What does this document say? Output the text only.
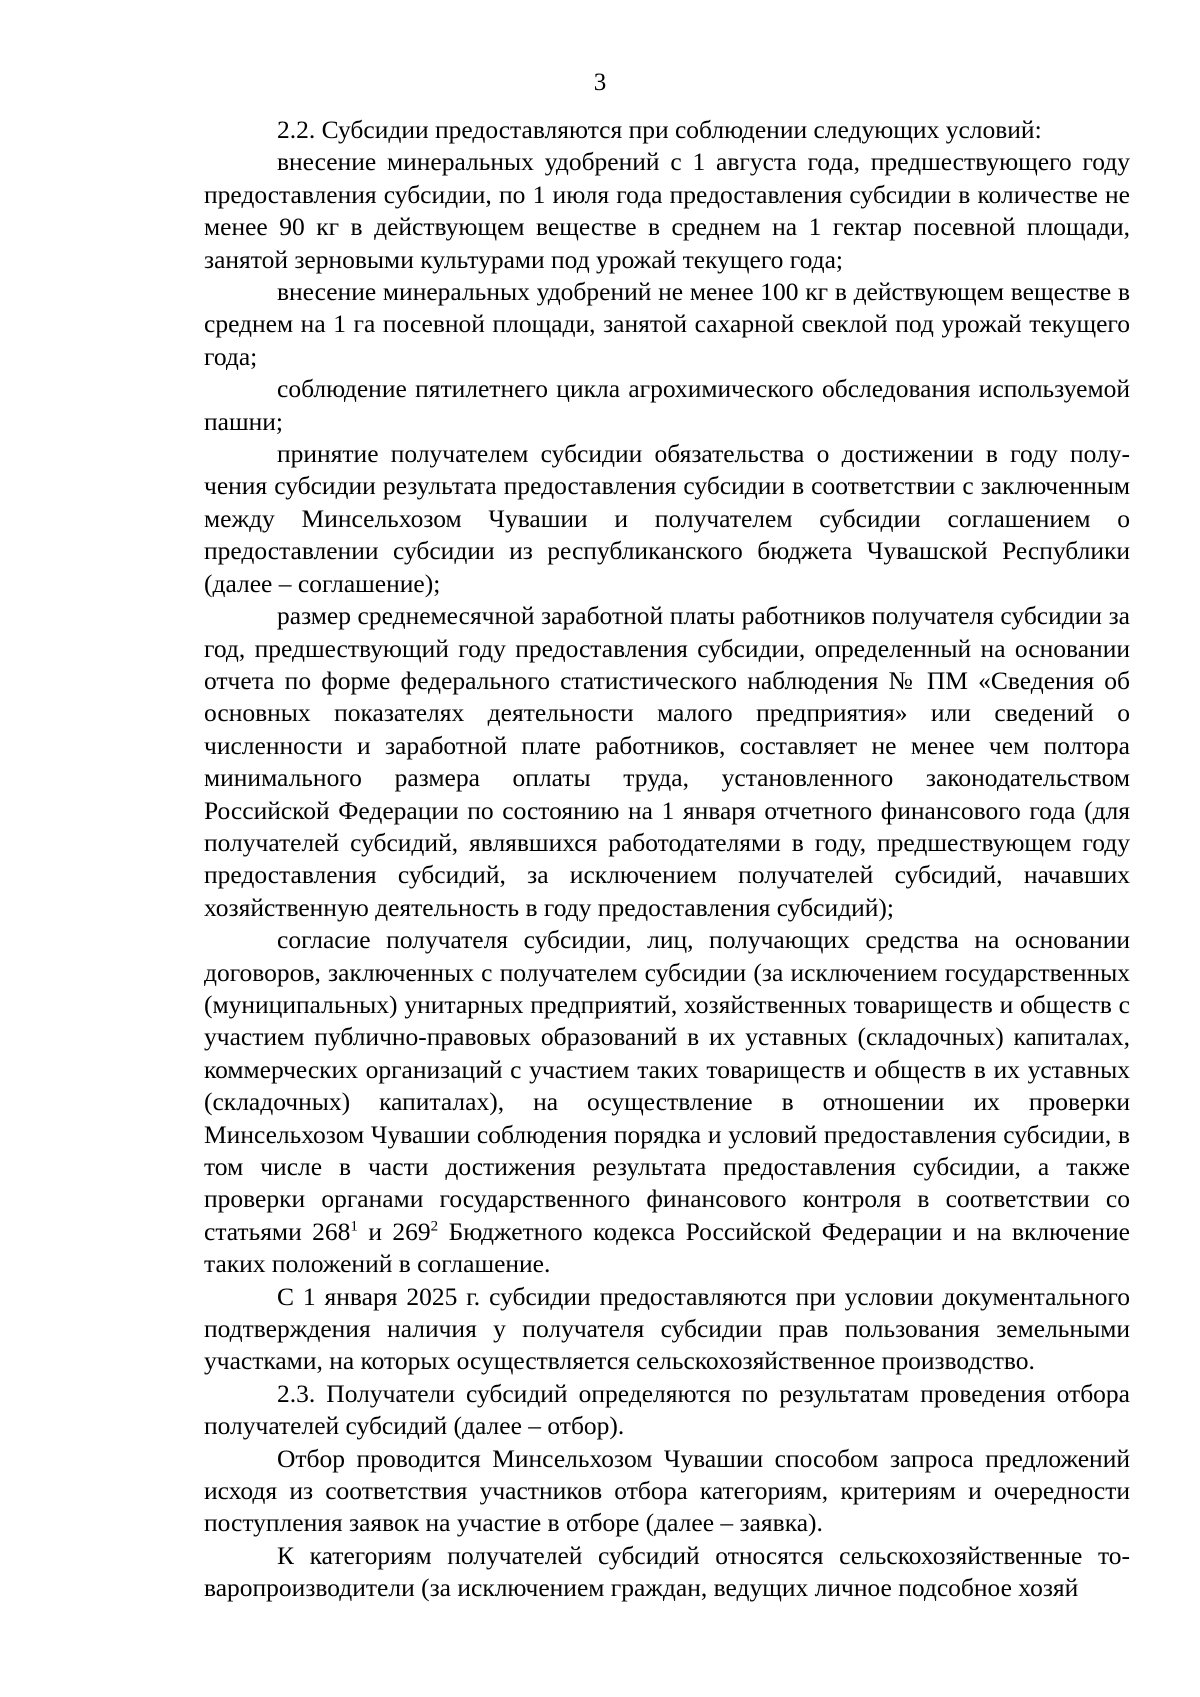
3

2.2. Субсидии предоставляются при соблюдении следующих условий:

внесение минеральных удобрений с 1 августа года, предшествующего году предоставления субсидии, по 1 июля года предоставления субсидии в количестве не менее 90 кг в действующем веществе в среднем на 1 гектар посевной площади, занятой зерновыми культурами под урожай текущего года;

внесение минеральных удобрений не менее 100 кг в действующем веществе в среднем на 1 га посевной площади, занятой сахарной свеклой под урожай текущего года;

соблюдение пятилетнего цикла агрохимического обследования используемой пашни;

принятие получателем субсидии обязательства о достижении в году получения субсидии результата предоставления субсидии в соответствии с заключенным между Минсельхозом Чувашии и получателем субсидии соглашением о предоставлении субсидии из республиканского бюджета Чувашской Республики (далее – соглашение);

размер среднемесячной заработной платы работников получателя субсидии за год, предшествующий году предоставления субсидии, определенный на основании отчета по форме федерального статистического наблюдения № ПМ «Сведения об основных показателях деятельности малого предприятия» или сведений о численности и заработной плате работников, составляет не менее чем полтора минимального размера оплаты труда, установленного законодательством Российской Федерации по состоянию на 1 января отчетного финансового года (для получателей субсидий, являвшихся работодателями в году, предшествующем году предоставления субсидий, за исключением получателей субсидий, начавших хозяйственную деятельность в году предоставления субсидий);

согласие получателя субсидии, лиц, получающих средства на основании договоров, заключенных с получателем субсидии (за исключением государственных (муниципальных) унитарных предприятий, хозяйственных товариществ и обществ с участием публично-правовых образований в их уставных (складочных) капиталах, коммерческих организаций с участием таких товариществ и обществ в их уставных (складочных) капиталах), на осуществление в отношении их проверки Минсельхозом Чувашии соблюдения порядка и условий предоставления субсидии, в том числе в части достижения результата предоставления субсидии, а также проверки органами государственного финансового контроля в соответствии со статьями $268^1$ и $269^2$ Бюджетного кодекса Российской Федерации и на включение таких положений в соглашение.

С 1 января 2025 г. субсидии предоставляются при условии документального подтверждения наличия у получателя субсидии прав пользования земельными участками, на которых осуществляется сельскохозяйственное производство.

2.3. Получатели субсидий определяются по результатам проведения отбора получателей субсидий (далее – отбор).

Отбор проводится Минсельхозом Чувашии способом запроса предложений исходя из соответствия участников отбора категориям, критериям и очередности поступления заявок на участие в отборе (далее – заявка).

К категориям получателей субсидий относятся сельскохозяйственные товаропроизводители (за исключением граждан, ведущих личное подсобное хозяй
